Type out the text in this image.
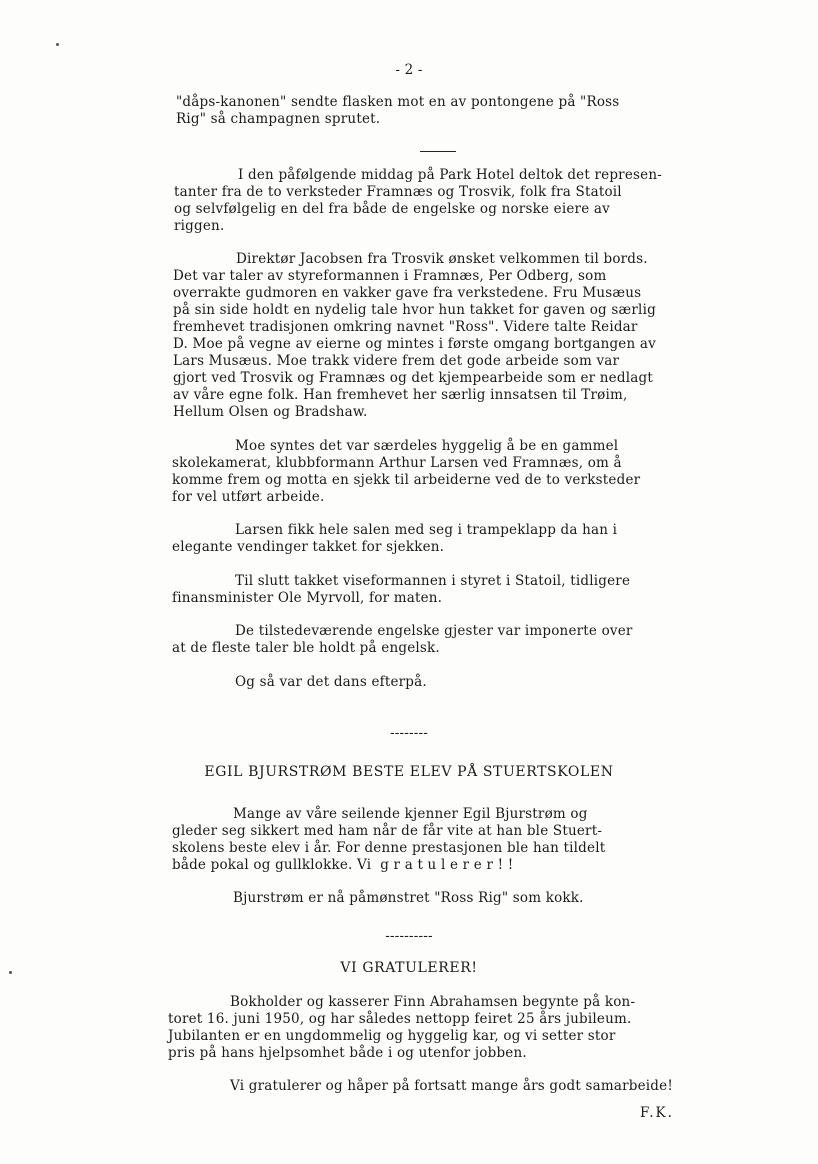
- 2 -
"dåps-kanonen" sendte flasken mot en av pontongene på "Ross
Rig" så champagnen sprutet.
I den påfølgende middag på Park Hotel deltok det represen-
tanter fra de to verksteder Framnæs og Trosvik, folk fra Statoil
og selvfølgelig en del fra både de engelske og norske eiere av
riggen.
Direktør Jacobsen fra Trosvik ønsket velkommen til bords.
Det var taler av styreformannen i Framnæs, Per Odberg, som
overrakte gudmoren en vakker gave fra verkstedene. Fru Musæus
på sin side holdt en nydelig tale hvor hun takket for gaven og særlig
fremhevet tradisjonen omkring navnet "Ross". Videre talte Reidar
D. Moe på vegne av eierne og mintes i første omgang bortgangen av
Lars Musæus. Moe trakk videre frem det gode arbeide som var
gjort ved Trosvik og Framnæs og det kjempearbeide som er nedlagt
av våre egne folk. Han fremhevet her særlig innsatsen til Trøim,
Hellum Olsen og Bradshaw.
Moe syntes det var særdeles hyggelig å be en gammel
skolekamerat, klubbformann Arthur Larsen ved Framnæs, om å
komme frem og motta en sjekk til arbeiderne ved de to verksteder
for vel utført arbeide.
Larsen fikk hele salen med seg i trampeklapp da han i
elegante vendinger takket for sjekken.
Til slutt takket viseformannen i styret i Statoil, tidligere
finansminister Ole Myrvoll, for maten.
De tilstedeværende engelske gjester var imponerte over
at de fleste taler ble holdt på engelsk.
Og så var det dans efterpå.
--------
EGIL BJURSTRØM BESTE ELEV PÅ STUERTSKOLEN
Mange av våre seilende kjenner Egil Bjurstrøm og
gleder seg sikkert med ham når de får vite at han ble Stuert-
skolens beste elev i år. For denne prestasjonen ble han tildelt
både pokal og gullklokke. Vi  g r a t u l e r e r ! !
Bjurstrøm er nå påmønstret "Ross Rig" som kokk.
----------
VI GRATULERER!
Bokholder og kasserer Finn Abrahamsen begynte på kon-
toret 16. juni 1950, og har således nettopp feiret 25 års jubileum.
Jubilanten er en ungdommelig og hyggelig kar, og vi setter stor
pris på hans hjelpsomhet både i og utenfor jobben.
Vi gratulerer og håper på fortsatt mange års godt samarbeide!
F.K.
